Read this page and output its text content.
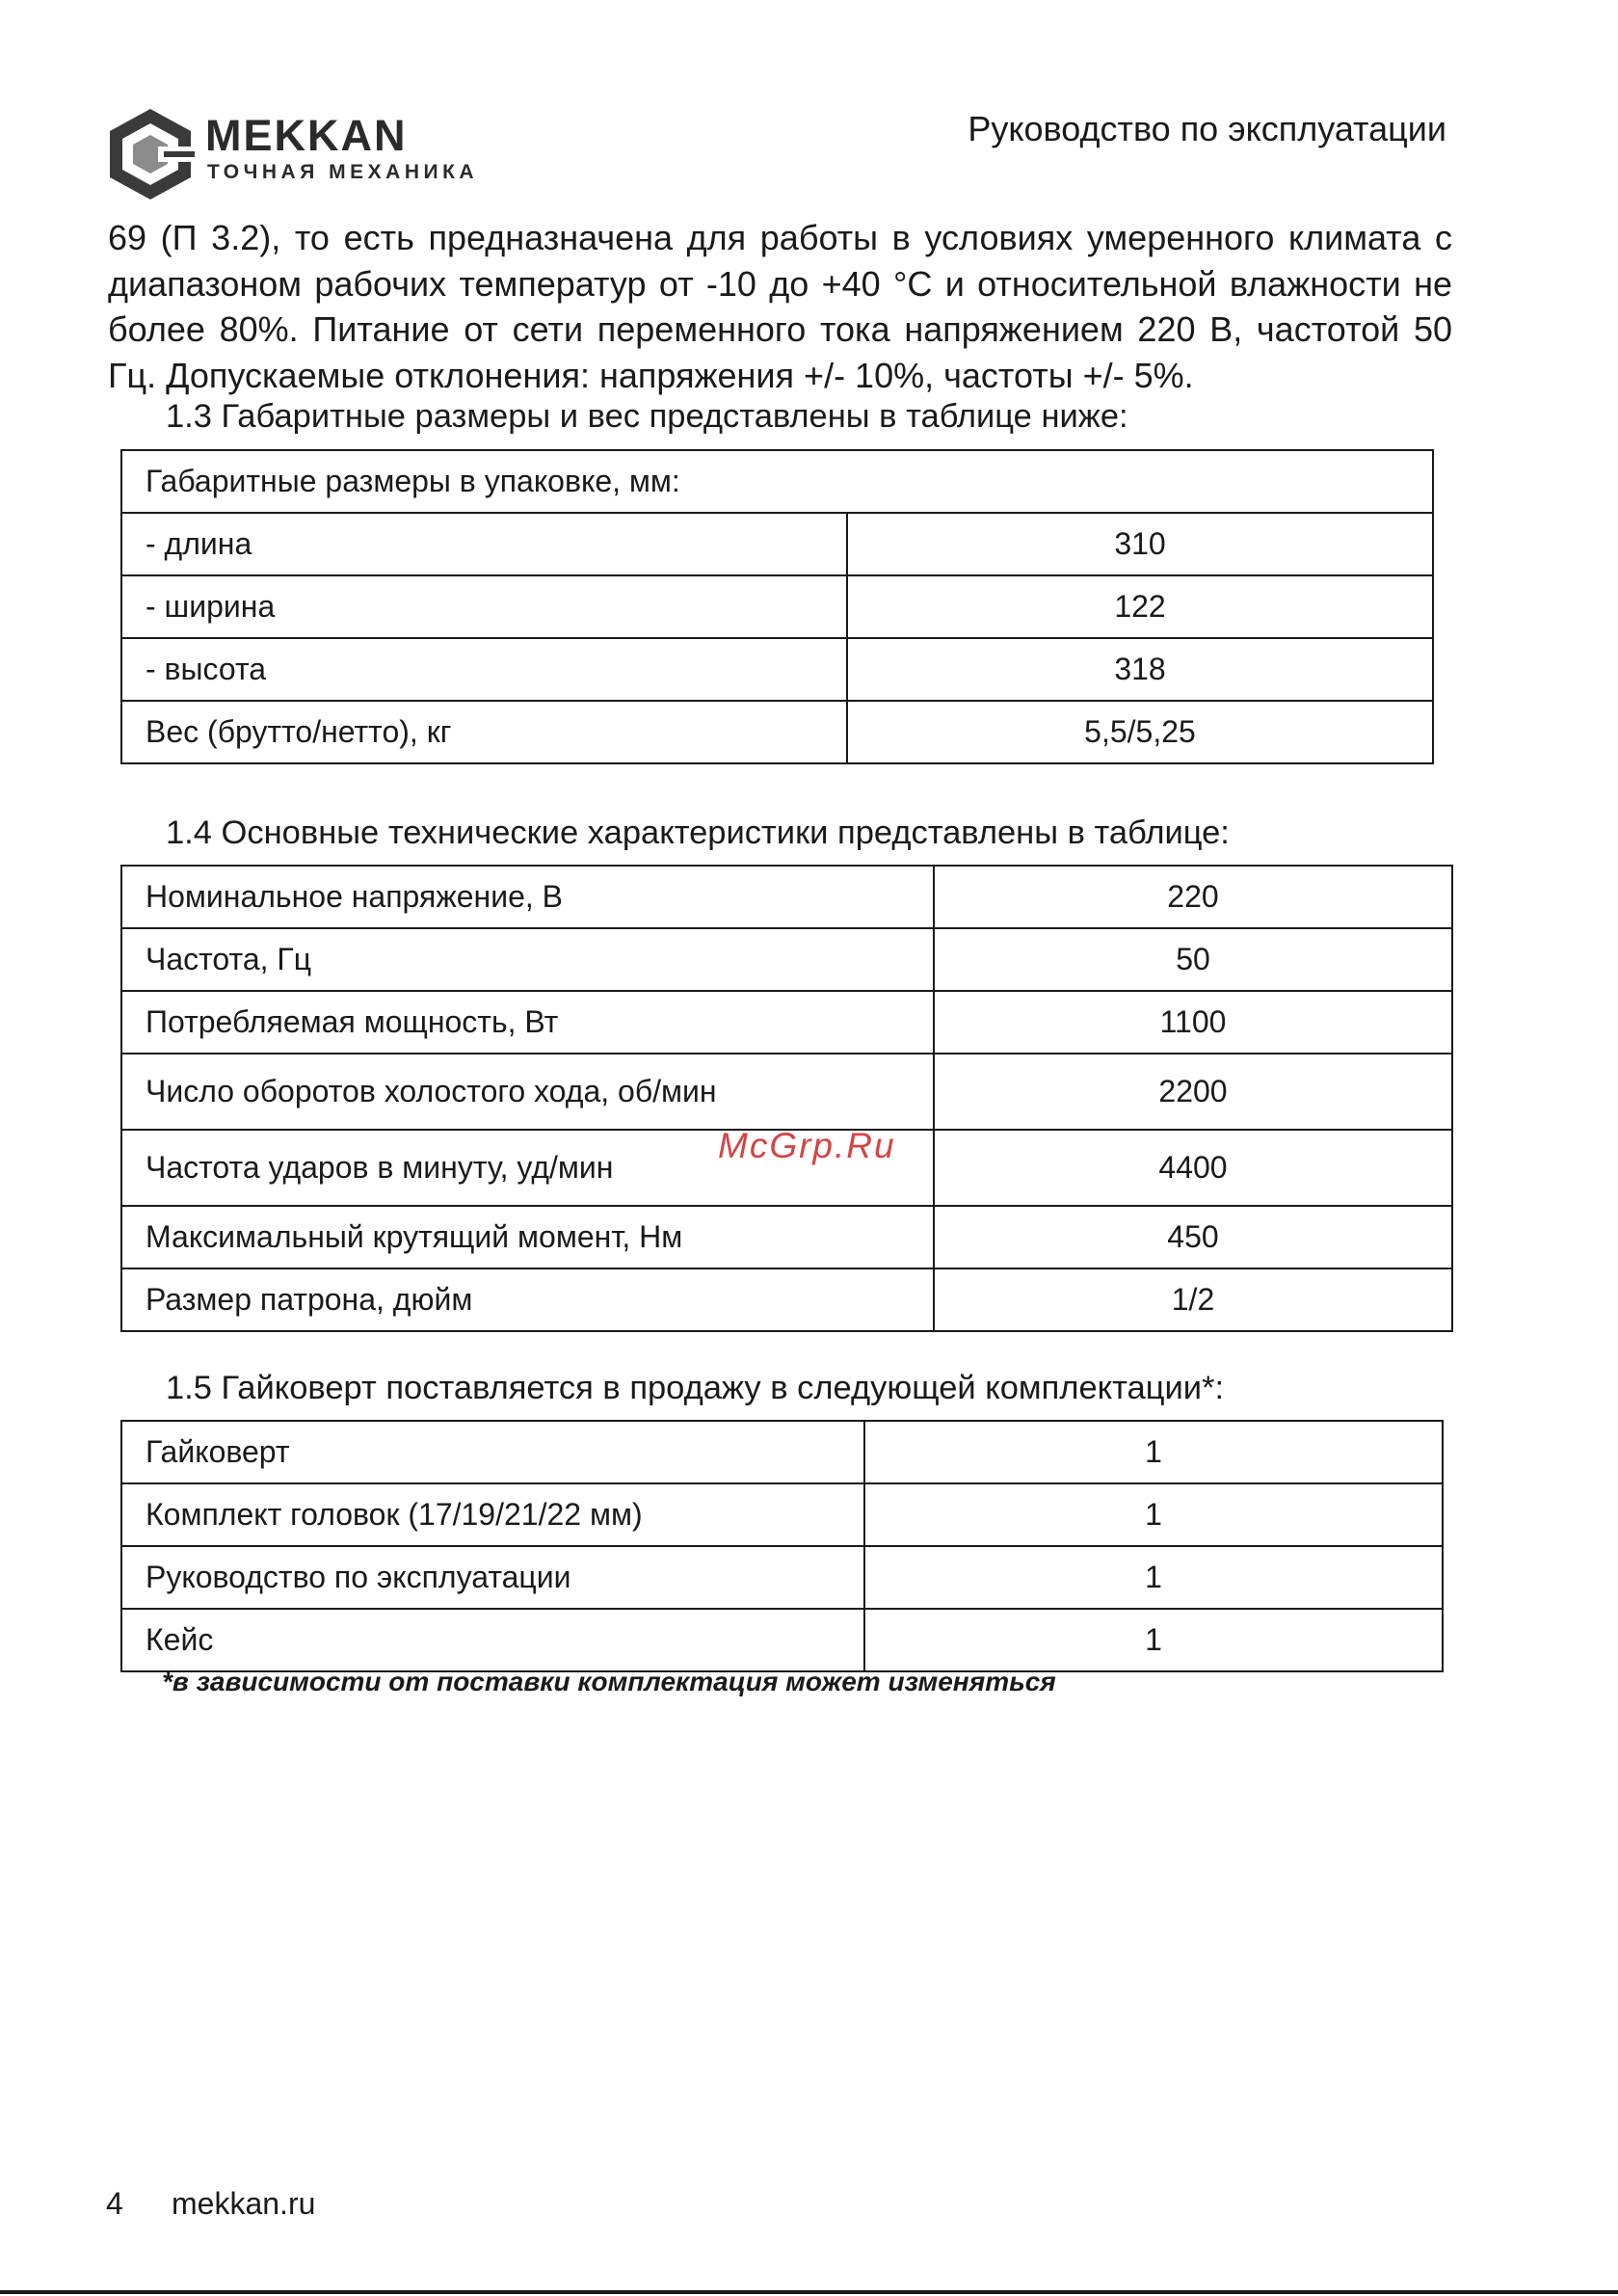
MEKKAN
ТОЧНАЯ МЕХАНИКА
Руководство по эксплуатации

69 (П 3.2), то есть предназначена для работы в условиях умеренного климата с диапазоном рабочих температур от -10 до +40 °С и относительной влажности не более 80%. Питание от сети переменного тока напряжением 220 В, частотой 50 Гц. Допускаемые отклонения: напряжения +/- 10%, частоты +/- 5%.

1.3 Габаритные размеры и вес представлены в таблице ниже:
Габаритные размеры в упаковке, мм:	
- длина	310
- ширина	122
- высота	318
Вес (брутто/нетто), кг	5,5/5,25
1.4 Основные технические характеристики представлены в таблице:
Номинальное напряжение, В	220
Частота, Гц	50
Потребляемая мощность, Вт	1100
Число оборотов холостого хода, об/мин	2200
Частота ударов в минуту, уд/мин	4400
Максимальный крутящий момент, Нм	450
Размер патрона, дюйм	1/2
McGrp.Ru
1.5 Гайковерт поставляется в продажу в следующей комплектации*:
Гайковерт	1
Комплект головок (17/19/21/22 мм)	1
Руководство по эксплуатации	1
Кейс	1
*в зависимости от поставки комплектация может изменяться
4 mekkan.ru
